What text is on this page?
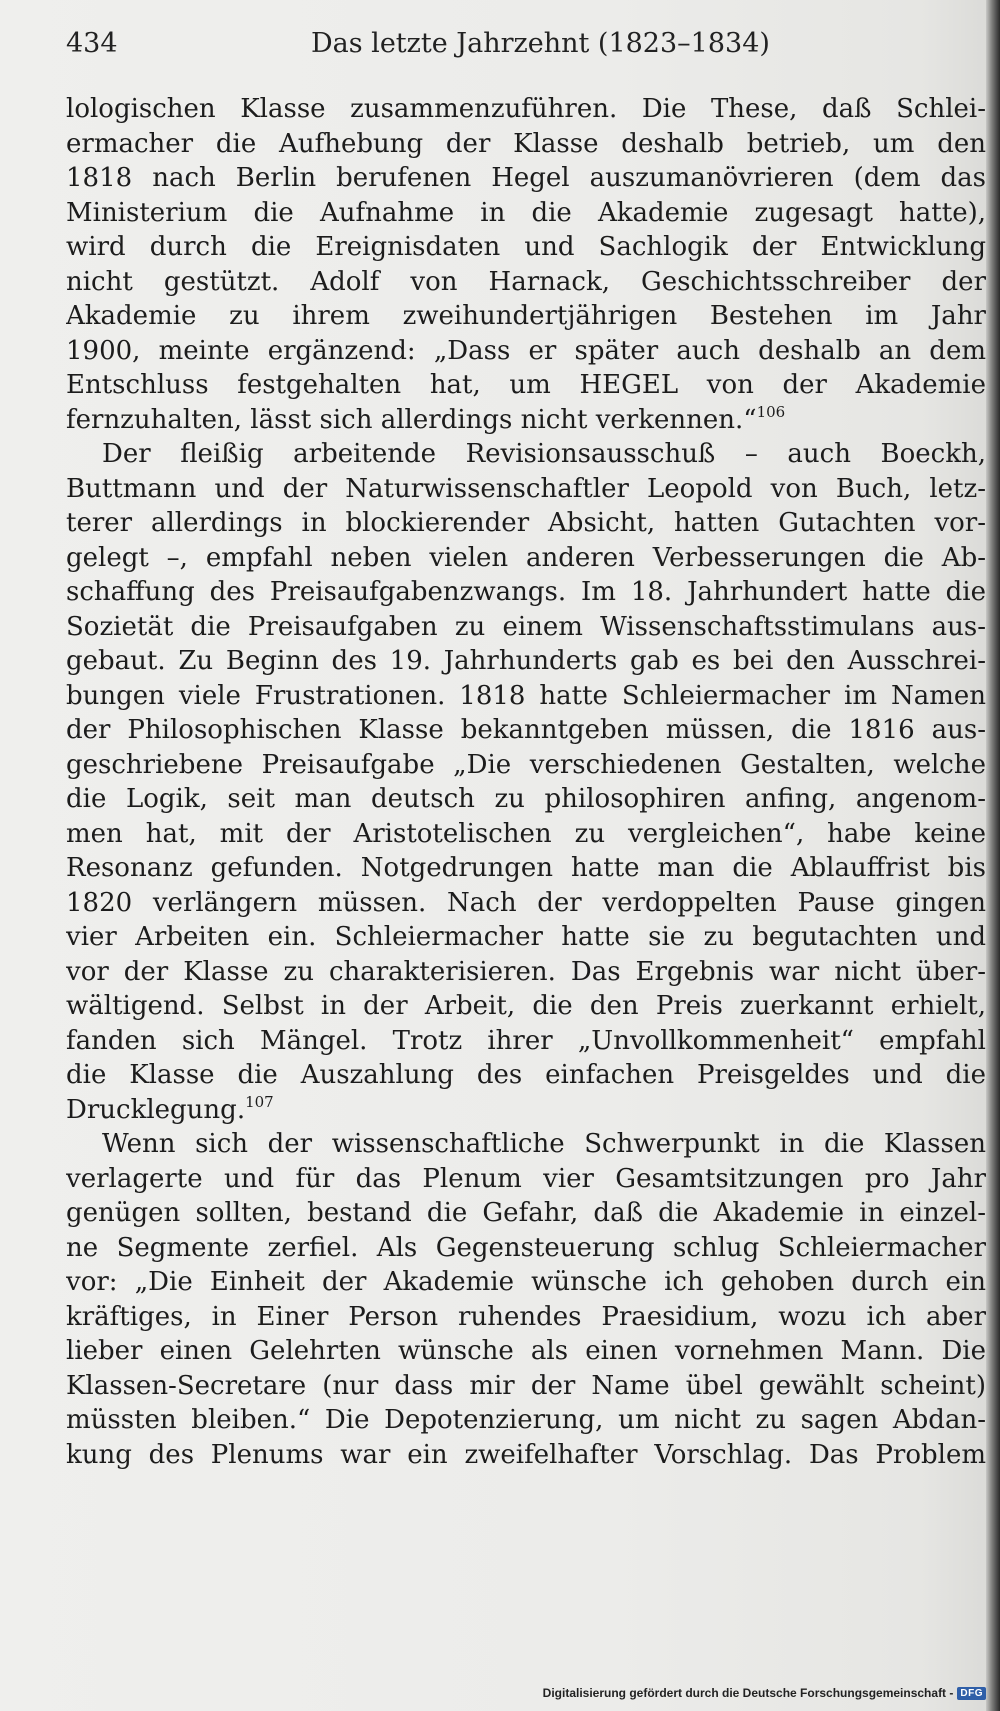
434	Das letzte Jahrzehnt (1823–1834)
lologischen Klasse zusammenzuführen. Die These, daß Schlei-
ermacher die Aufhebung der Klasse deshalb betrieb, um den
1818 nach Berlin berufenen Hegel auszumanövrieren (dem das
Ministerium die Aufnahme in die Akademie zugesagt hatte),
wird durch die Ereignisdaten und Sachlogik der Entwicklung
nicht gestützt. Adolf von Harnack, Geschichtsschreiber der
Akademie zu ihrem zweihundertjährigen Bestehen im Jahr
1900, meinte ergänzend: „Dass er später auch deshalb an dem
Entschluss festgehalten hat, um HEGEL von der Akademie
fernzuhalten, lässt sich allerdings nicht verkennen.“$^{106}$
Der fleißig arbeitende Revisionsausschuß – auch Boeckh,
Buttmann und der Naturwissenschaftler Leopold von Buch, letz-
terer allerdings in blockierender Absicht, hatten Gutachten vor-
gelegt –, empfahl neben vielen anderen Verbesserungen die Ab-
schaffung des Preisaufgabenzwangs. Im 18. Jahrhundert hatte die
Sozietät die Preisaufgaben zu einem Wissenschaftsstimulans aus-
gebaut. Zu Beginn des 19. Jahrhunderts gab es bei den Ausschrei-
bungen viele Frustrationen. 1818 hatte Schleiermacher im Namen
der Philosophischen Klasse bekanntgeben müssen, die 1816 aus-
geschriebene Preisaufgabe „Die verschiedenen Gestalten, welche
die Logik, seit man deutsch zu philosophiren anfing, angenom-
men hat, mit der Aristotelischen zu vergleichen“, habe keine
Resonanz gefunden. Notgedrungen hatte man die Ablauffrist bis
1820 verlängern müssen. Nach der verdoppelten Pause gingen
vier Arbeiten ein. Schleiermacher hatte sie zu begutachten und
vor der Klasse zu charakterisieren. Das Ergebnis war nicht über-
wältigend. Selbst in der Arbeit, die den Preis zuerkannt erhielt,
fanden sich Mängel. Trotz ihrer „Unvollkommenheit“ empfahl
die Klasse die Auszahlung des einfachen Preisgeldes und die
Drucklegung.$^{107}$
Wenn sich der wissenschaftliche Schwerpunkt in die Klassen
verlagerte und für das Plenum vier Gesamtsitzungen pro Jahr
genügen sollten, bestand die Gefahr, daß die Akademie in einzel-
ne Segmente zerfiel. Als Gegensteuerung schlug Schleiermacher
vor: „Die Einheit der Akademie wünsche ich gehoben durch ein
kräftiges, in Einer Person ruhendes Praesidium, wozu ich aber
lieber einen Gelehrten wünsche als einen vornehmen Mann. Die
Klassen-Secretare (nur dass mir der Name übel gewählt scheint)
müssten bleiben.“ Die Depotenzierung, um nicht zu sagen Abdan-
kung des Plenums war ein zweifelhafter Vorschlag. Das Problem
Digitalisierung gefördert durch die Deutsche Forschungsgemeinschaft - DFG
